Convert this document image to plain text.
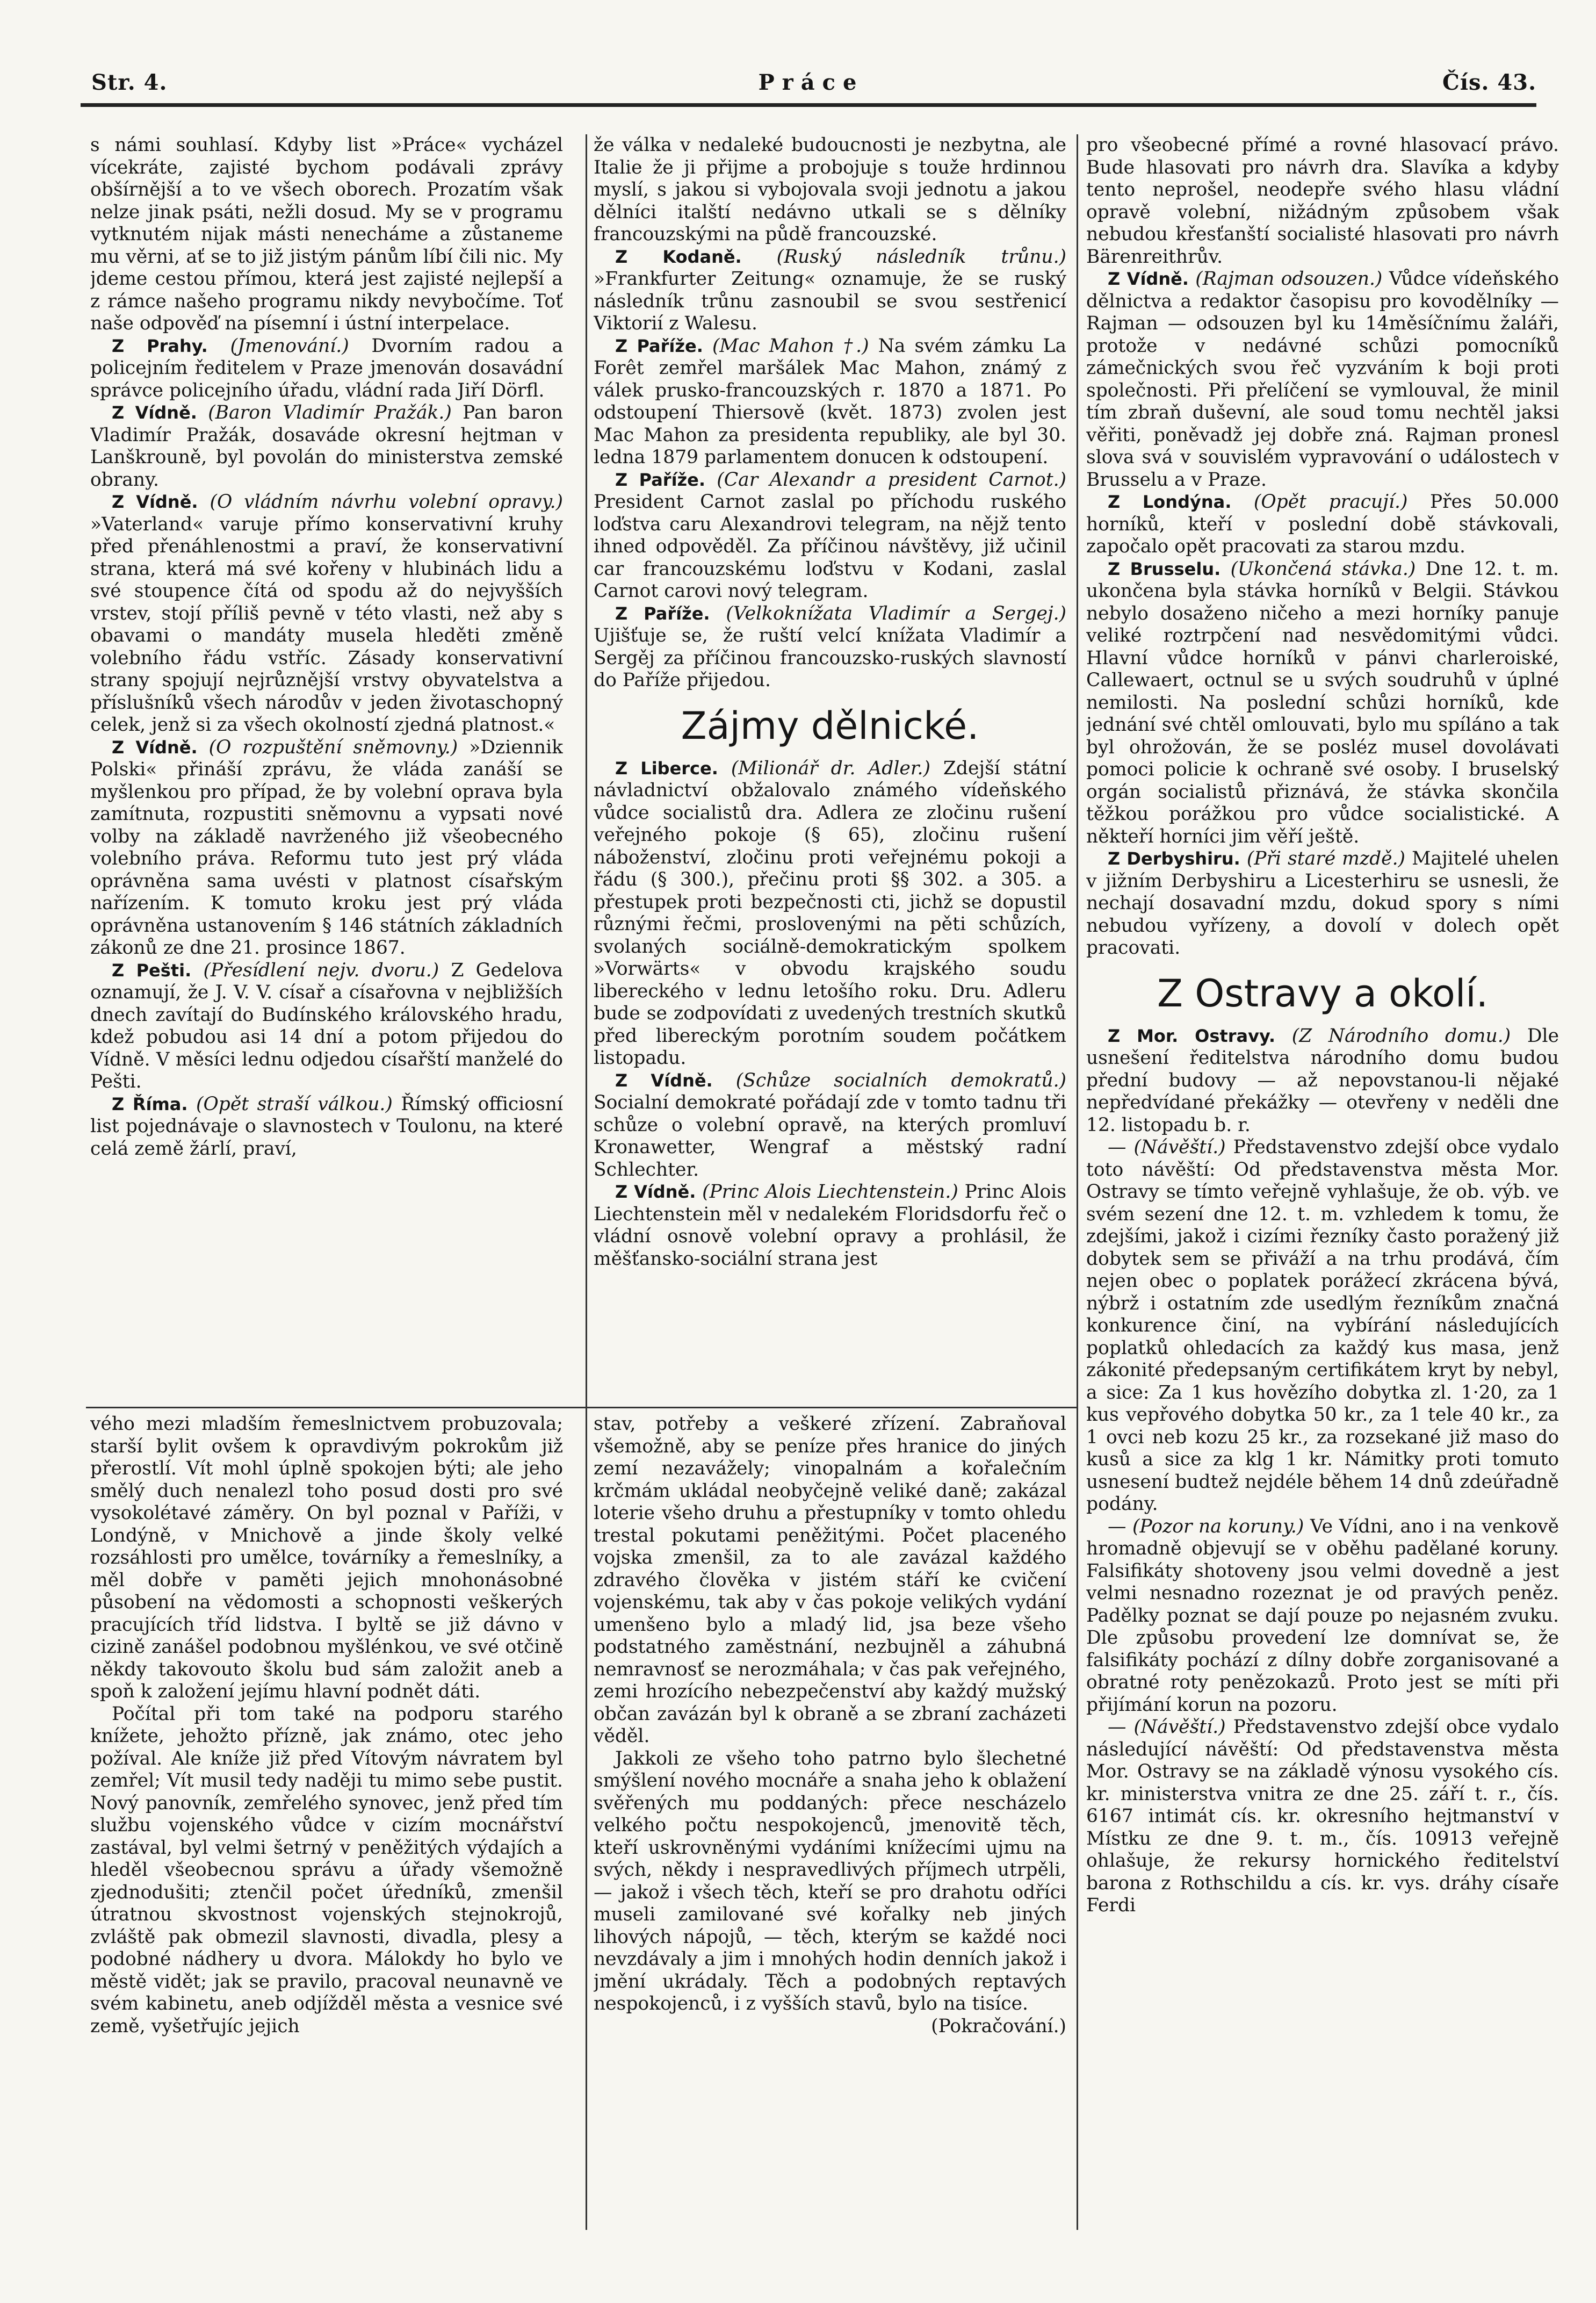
Str. 4.	Práce	Čís. 43.

s námi souhlasí. Kdyby list »Práce« vycházel vícekráte, zajisté bychom podávali zprávy obšírnější a to ve všech oborech. Prozatím však nelze jinak psáti, nežli dosud. My se v programu vytknutém nijak másti nenecháme a zůstaneme mu věrni, ať se to již jistým pánům líbí čili nic. My jdeme cestou přímou, která jest zajisté nejlepší a z rámce našeho programu nikdy nevybočíme. Toť naše odpověď na písemní i ústní interpelace.

Z Prahy. (Jmenování.) Dvorním radou a policejním ředitelem v Praze jmenován dosavádní správce policejního úřadu, vládní rada Jiří Dörfl.

Z Vídně. (Baron Vladimír Pražák.) Pan baron Vladimír Pražák, dosaváde okresní hejtman v Lanškrouně, byl povolán do ministerstva zemské obrany.

Z Vídně. (O vládním návrhu volební opravy.) »Vaterland« varuje přímo konservativní kruhy před přenáhlenostmi a praví, že konservativní strana, která má své kořeny v hlubinách lidu a své stoupence čítá od spodu až do nejvyšších vrstev, stojí příliš pevně v této vlasti, než aby s obavami o mandáty musela hleděti změně volebního řádu vstříc. Zásady konservativní strany spojují nejrůznější vrstvy obyvatelstva a příslušníků všech národův v jeden životaschopný celek, jenž si za všech okolností zjedná platnost.«

Z Vídně. (O rozpuštění sněmovny.) »Dziennik Polski« přináší zprávu, že vláda zanáší se myšlenkou pro případ, že by volební oprava byla zamítnuta, rozpustiti sněmovnu a vypsati nové volby na základě navrženého již všeobecného volebního práva. Reformu tuto jest prý vláda oprávněna sama uvésti v platnost císařským nařízením. K tomuto kroku jest prý vláda oprávněna ustanovením § 146 státních základních zákonů ze dne 21. prosince 1867.

Z Pešti. (Přesídlení nejv. dvoru.) Z Gedelova oznamují, že J. V. V. císař a císařovna v nejbližších dnech zavítají do Budínského královského hradu, kdež pobudou asi 14 dní a potom přijedou do Vídně. V měsíci lednu odjedou císařští manželé do Pešti.

Z Říma. (Opět straší válkou.) Římský officiosní list pojednávaje o slavnostech v Toulonu, na které celá země žárlí, praví,

že válka v nedaleké budoucnosti je nezbytna, ale Italie že ji přijme a probojuje s touže hrdinnou myslí, s jakou si vybojovala svoji jednotu a jakou dělníci italští nedávno utkali se s dělníky francouzskými na půdě francouzské.

Z Kodaně. (Ruský následník trůnu.) »Frankfurter Zeitung« oznamuje, že se ruský následník trůnu zasnoubil se svou sestřenicí Viktorií z Walesu.

Z Paříže. (Mac Mahon †.) Na svém zámku La Forêt zemřel maršálek Mac Mahon, známý z válek prusko-francouzských r. 1870 a 1871. Po odstoupení Thiersově (květ. 1873) zvolen jest Mac Mahon za presidenta republiky, ale byl 30. ledna 1879 parlamentem donucen k odstoupení.

Z Paříže. (Car Alexandr a president Carnot.) President Carnot zaslal po příchodu ruského loďstva caru Alexandrovi telegram, na nějž tento ihned odpověděl. Za příčinou návštěvy, již učinil car francouzskému loďstvu v Kodani, zaslal Carnot carovi nový telegram.

Z Paříže. (Velkoknížata Vladimír a Sergej.) Ujišťuje se, že ruští velcí knížata Vladimír a Sergěj za příčinou francouzsko-ruských slavností do Paříže přijedou.

Zájmy dělnické.

Z Liberce. (Milionář dr. Adler.) Zdejší státní návladnictví obžalovalo známého vídeňského vůdce socialistů dra. Adlera ze zločinu rušení veřejného pokoje (§ 65), zločinu rušení náboženství, zločinu proti veřejnému pokoji a řádu (§ 300.), přečinu proti §§ 302. a 305. a přestupek proti bezpečnosti cti, jichž se dopustil různými řečmi, proslovenými na pěti schůzích, svolaných sociálně-demokratickým spolkem »Vorwärts« v obvodu krajského soudu libereckého v lednu letošího roku. Dru. Adleru bude se zodpovídati z uvedených trestních skutků před libereckým porotním soudem počátkem listopadu.

Z Vídně. (Schůze socialních demokratů.) Socialní demokraté pořádají zde v tomto tadnu tři schůze o volební opravě, na kterých promluví Kronawetter, Wengraf a městský radní Schlechter.

Z Vídně. (Princ Alois Liechtenstein.) Princ Alois Liechtenstein měl v nedalekém Floridsdorfu řeč o vládní osnově volební opravy a prohlásil, že měšťansko-sociální strana jest

pro všeobecné přímé a rovné hlasovací právo. Bude hlasovati pro návrh dra. Slavíka a kdyby tento neprošel, neodepře svého hlasu vládní opravě volební, nižádným způsobem však nebudou křesťanští socialisté hlasovati pro návrh Bärenreithrův.

Z Vídně. (Rajman odsouzen.) Vůdce vídeňského dělnictva a redaktor časopisu pro kovodělníky — Rajman — odsouzen byl ku 14měsíčnímu žaláři, protože v nedávné schůzi pomocníků zámečnických svou řeč vyzváním k boji proti společnosti. Při přelíčení se vymlouval, že minil tím zbraň duševní, ale soud tomu nechtěl jaksi věřiti, poněvadž jej dobře zná. Rajman pronesl slova svá v souvislém vypravování o událostech v Brusselu a v Praze.

Z Londýna. (Opět pracují.) Přes 50.000 horníků, kteří v poslední době stávkovali, započalo opět pracovati za starou mzdu.

Z Brusselu. (Ukončená stávka.) Dne 12. t. m. ukončena byla stávka horníků v Belgii. Stávkou nebylo dosaženo ničeho a mezi horníky panuje veliké roztrpčení nad nesvědomitými vůdci. Hlavní vůdce horníků v pánvi charleroiské, Callewaert, octnul se u svých soudruhů v úplné nemilosti. Na poslední schůzi horníků, kde jednání své chtěl omlouvati, bylo mu spíláno a tak byl ohrožován, že se posléz musel dovolávati pomoci policie k ochraně své osoby. I bruselský orgán socialistů přiznává, že stávka skončila těžkou porážkou pro vůdce socialistické. A někteří horníci jim věří ještě.

Z Derbyshiru. (Při staré mzdě.) Majitelé uhelen v jižním Derbyshiru a Licesterhiru se usnesli, že nechají dosavadní mzdu, dokud spory s ními nebudou vyřízeny, a dovolí v dolech opět pracovati.

Z Ostravy a okolí.

Z Mor. Ostravy. (Z Národního domu.) Dle usnešení ředitelstva národního domu budou přední budovy — až nepovstanou-li nějaké nepředvídané překážky — otevřeny v neděli dne 12. listopadu b. r.

— (Návěští.) Představenstvo zdejší obce vydalo toto návěští: Od představenstva města Mor. Ostravy se tímto veřejně vyhlašuje, že ob. výb. ve svém sezení dne 12. t. m. vzhledem k tomu, že zdejšími, jakož i cizími řezníky často poražený již dobytek sem se přiváží a na trhu prodává, čím nejen obec o poplatek porážecí zkrácena bývá, nýbrž i ostatním zde usedlým řezníkům značná konkurence činí, na vybírání následujících poplatků ohledacích za každý kus masa, jenž zákonité předepsaným certifikátem kryt by nebyl, a sice: Za 1 kus hovězího dobytka zl. 1·20, za 1 kus vepřového dobytka 50 kr., za 1 tele 40 kr., za 1 ovci neb kozu 25 kr., za rozsekané již maso do kusů a sice za klg 1 kr. Námitky proti tomuto usnesení budtež nejdéle během 14 dnů zdeúřadně podány.

— (Pozor na koruny.) Ve Vídni, ano i na venkově hromadně objevují se v oběhu padělané koruny. Falsifikáty shotoveny jsou velmi dovedně a jest velmi nesnadno rozeznat je od pravých peněz. Padělky poznat se dají pouze po nejasném zvuku. Dle způsobu provedení lze domnívat se, že falsifikáty pochází z dílny dobře zorganisované a obratné roty penězokazů. Proto jest se míti při přijímání korun na pozoru.

— (Návěští.) Představenstvo zdejší obce vydalo následující návěští: Od představenstva města Mor. Ostravy se na základě výnosu vysokého cís. kr. ministerstva vnitra ze dne 25. září t. r., čís. 6167 intimát cís. kr. okresního hejtmanství v Místku ze dne 9. t. m., čís. 10913 veřejně ohlašuje, že rekursy hornického ředitelství barona z Rothschildu a cís. kr. vys. dráhy císaře Ferdi

vého mezi mladším řemeslnictvem probuzovala; starší bylit ovšem k opravdivým pokrokům již přerostlí. Vít mohl úplně spokojen býti; ale jeho smělý duch nenalezl toho posud dosti pro své vysokolétavé záměry. On byl poznal v Paříži, v Londýně, v Mnichově a jinde školy velké rozsáhlosti pro umělce, továrníky a řemeslníky, a měl dobře v paměti jejich mnohonásobné působení na vědomosti a schopnosti veškerých pracujících tříd lidstva. I byltě se již dávno v cizině zanášel podobnou myšlénkou, ve své otčině někdy takovouto školu bud sám založit aneb a spoň k založení jejímu hlavní podnět dáti.

Počítal při tom také na podporu starého knížete, jehožto přízně, jak známo, otec jeho požíval. Ale kníže již před Vítovým návratem byl zemřel; Vít musil tedy naději tu mimo sebe pustit. Nový panovník, zemřelého synovec, jenž před tím službu vojenského vůdce v cizím mocnářství zastával, byl velmi šetrný v peněžitých výdajích a hleděl všeobecnou správu a úřady všemožně zjednodušiti; ztenčil počet úředníků, zmenšil útratnou skvostnost vojenských stejnokrojů, zvláště pak obmezil slavnosti, divadla, plesy a podobné nádhery u dvora. Málokdy ho bylo ve městě vidět; jak se pravilo, pracoval neunavně ve svém kabinetu, aneb odjížděl města a vesnice své země, vyšetřujíc jejich

stav, potřeby a veškeré zřízení. Zabraňoval všemožně, aby se peníze přes hranice do jiných zemí nezavážely; vinopalnám a kořalečním krčmám ukládal neobyčejně veliké daně; zakázal loterie všeho druhu a přestupníky v tomto ohledu trestal pokutami peněžitými. Počet placeného vojska zmenšil, za to ale zavázal každého zdravého člověka v jistém stáří ke cvičení vojenskému, tak aby v čas pokoje velikých vydání umenšeno bylo a mladý lid, jsa beze všeho podstatného zaměstnání, nezbujněl a záhubná nemravnosť se nerozmáhala; v čas pak veřejného, zemi hrozícího nebezpečenství aby každý mužský občan zavázán byl k obraně a se zbraní zacházeti věděl.

Jakkoli ze všeho toho patrno bylo šlechetné smýšlení nového mocnáře a snaha jeho k oblažení svěřených mu poddaných: přece nescházelo velkého počtu nespokojenců, jmenovitě těch, kteří uskrovněnými vydáními knížecími ujmu na svých, někdy i nespravedlivých příjmech utrpěli, — jakož i všech těch, kteří se pro drahotu odříci museli zamilované své kořalky neb jiných lihových nápojů, — těch, kterým se každé noci nevzdávaly a jim i mnohých hodin denních jakož i jmění ukrádaly. Těch a podobných reptavých nespokojenců, i z vyšších stavů, bylo na tisíce.

(Pokračování.)
